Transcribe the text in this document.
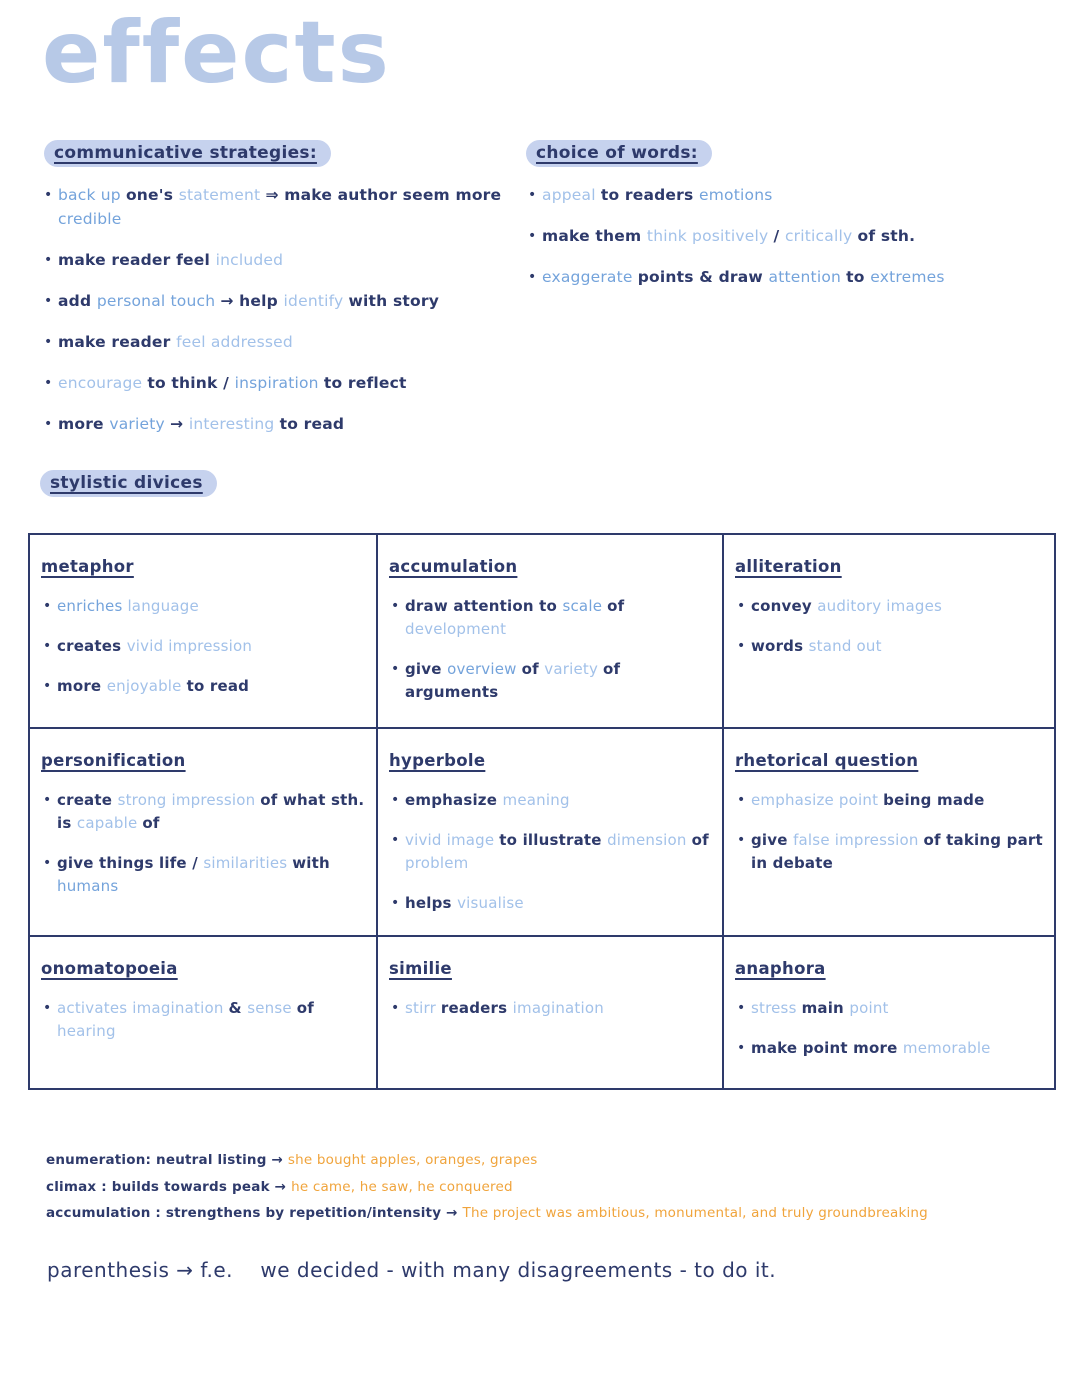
effects
communicative strategies:
• back up one's statement ⇒ make author seem more credible
• make reader feel included
• add personal touch → help identify with story
• make reader feel addressed
• encourage to think / inspiration to reflect
• more variety → interesting to read
choice of words:
• appeal to readers emotions
• make them think positively / critically of sth.
• exaggerate points & draw attention to extremes
stylistic divices
metaphor
• enriches language
• creates vivid impression
• more enjoyable to read
accumulation
• draw attention to scale of development
• give overview of variety of arguments
alliteration
• convey auditory images
• words stand out
personification
• create strong impression of what sth. is capable of
• give things life / similarities with humans
hyperbole
• emphasize meaning
• vivid image to illustrate dimension of problem
• helps visualise
rhetorical question
• emphasize point being made
• give false impression of taking part in debate
onomatopoeia
• activates imagination & sense of hearing
similie
• stirr readers imagination
anaphora
• stress main point
• make point more memorable
enumeration: neutral listing → she bought apples, oranges, grapes
climax : builds towards peak → he came, he saw, he conquered
accumulation : strengthens by repetition/intensity → The project was ambitious, monumental, and truly groundbreaking
parenthesis → f.e.  we decided - with many disagreements - to do it.
